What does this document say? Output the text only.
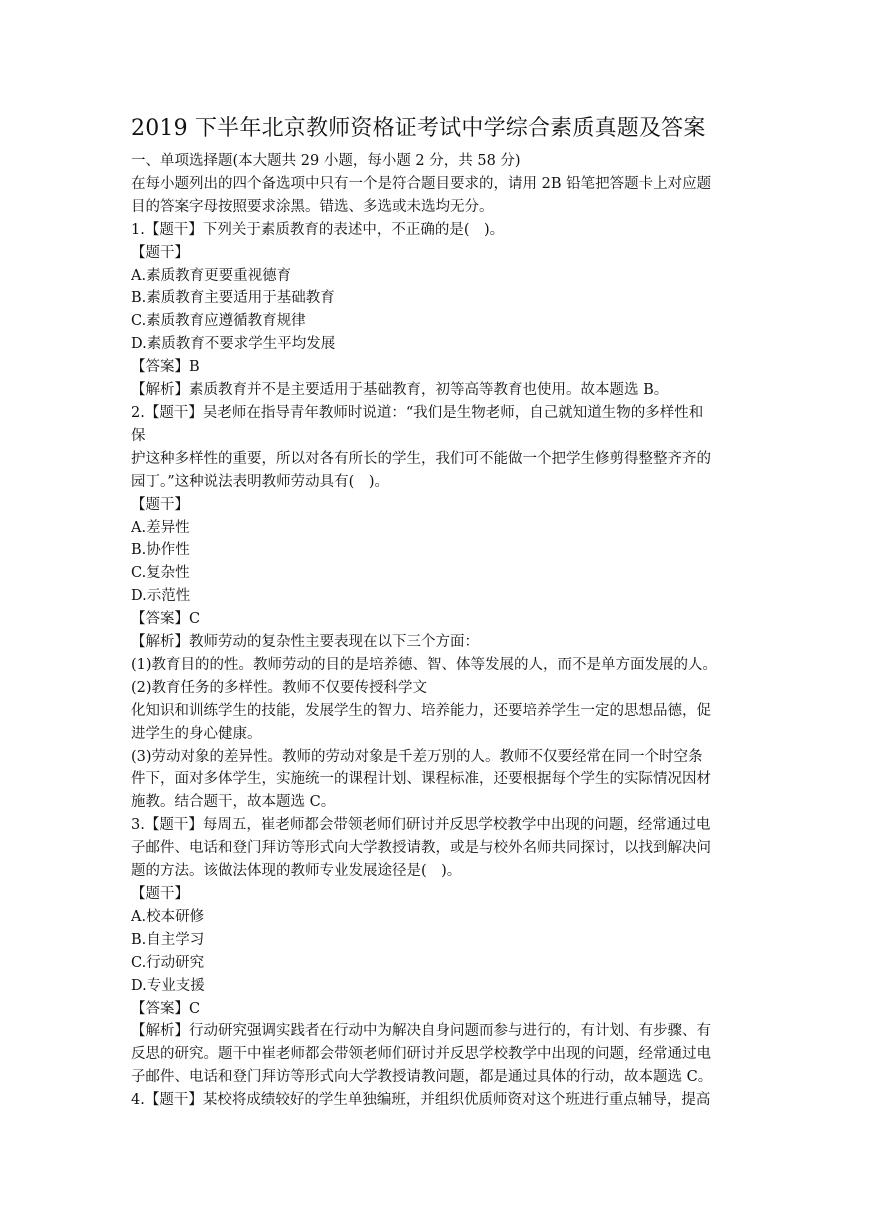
2019 下半年北京教师资格证考试中学综合素质真题及答案
一、单项选择题(本大题共 29 小题，每小题 2 分，共 58 分)
在每小题列出的四个备选项中只有一个是符合题目要求的，请用 2B 铅笔把答题卡上对应题
目的答案字母按照要求涂黑。错选、多选或未选均无分。
1.【题干】下列关于素质教育的表述中，不正确的是(　)。
【题干】
A.素质教育更要重视德育
B.素质教育主要适用于基础教育
C.素质教育应遵循教育规律
D.素质教育不要求学生平均发展
【答案】B
【解析】素质教育并不是主要适用于基础教育，初等高等教育也使用。故本题选 B。
2.【题干】吴老师在指导青年教师时说道：“我们是生物老师，自己就知道生物的多样性和
保
护这种多样性的重要，所以对各有所长的学生，我们可不能做一个把学生修剪得整整齐齐的
园丁。”这种说法表明教师劳动具有(　)。
【题干】
A.差异性
B.协作性
C.复杂性
D.示范性
【答案】C
【解析】教师劳动的复杂性主要表现在以下三个方面：
(1)教育目的的性。教师劳动的目的是培养德、智、体等发展的人，而不是单方面发展的人。
(2)教育任务的多样性。教师不仅要传授科学文
化知识和训练学生的技能，发展学生的智力、培养能力，还要培养学生一定的思想品德，促
进学生的身心健康。
(3)劳动对象的差异性。教师的劳动对象是千差万别的人。教师不仅要经常在同一个时空条
件下，面对多体学生，实施统一的课程计划、课程标准，还要根据每个学生的实际情况因材
施教。结合题干，故本题选 C。
3.【题干】每周五，崔老师都会带领老师们研讨并反思学校教学中出现的问题，经常通过电
子邮件、电话和登门拜访等形式向大学教授请教，或是与校外名师共同探讨，以找到解决问
题的方法。该做法体现的教师专业发展途径是(　)。
【题干】
A.校本研修
B.自主学习
C.行动研究
D.专业支援
【答案】C
【解析】行动研究强调实践者在行动中为解决自身问题而参与进行的，有计划、有步骤、有
反思的研究。题干中崔老师都会带领老师们研讨并反思学校教学中出现的问题，经常通过电
子邮件、电话和登门拜访等形式向大学教授请教问题，都是通过具体的行动，故本题选 C。
4.【题干】某校将成绩较好的学生单独编班，并组织优质师资对这个班进行重点辅导，提高
